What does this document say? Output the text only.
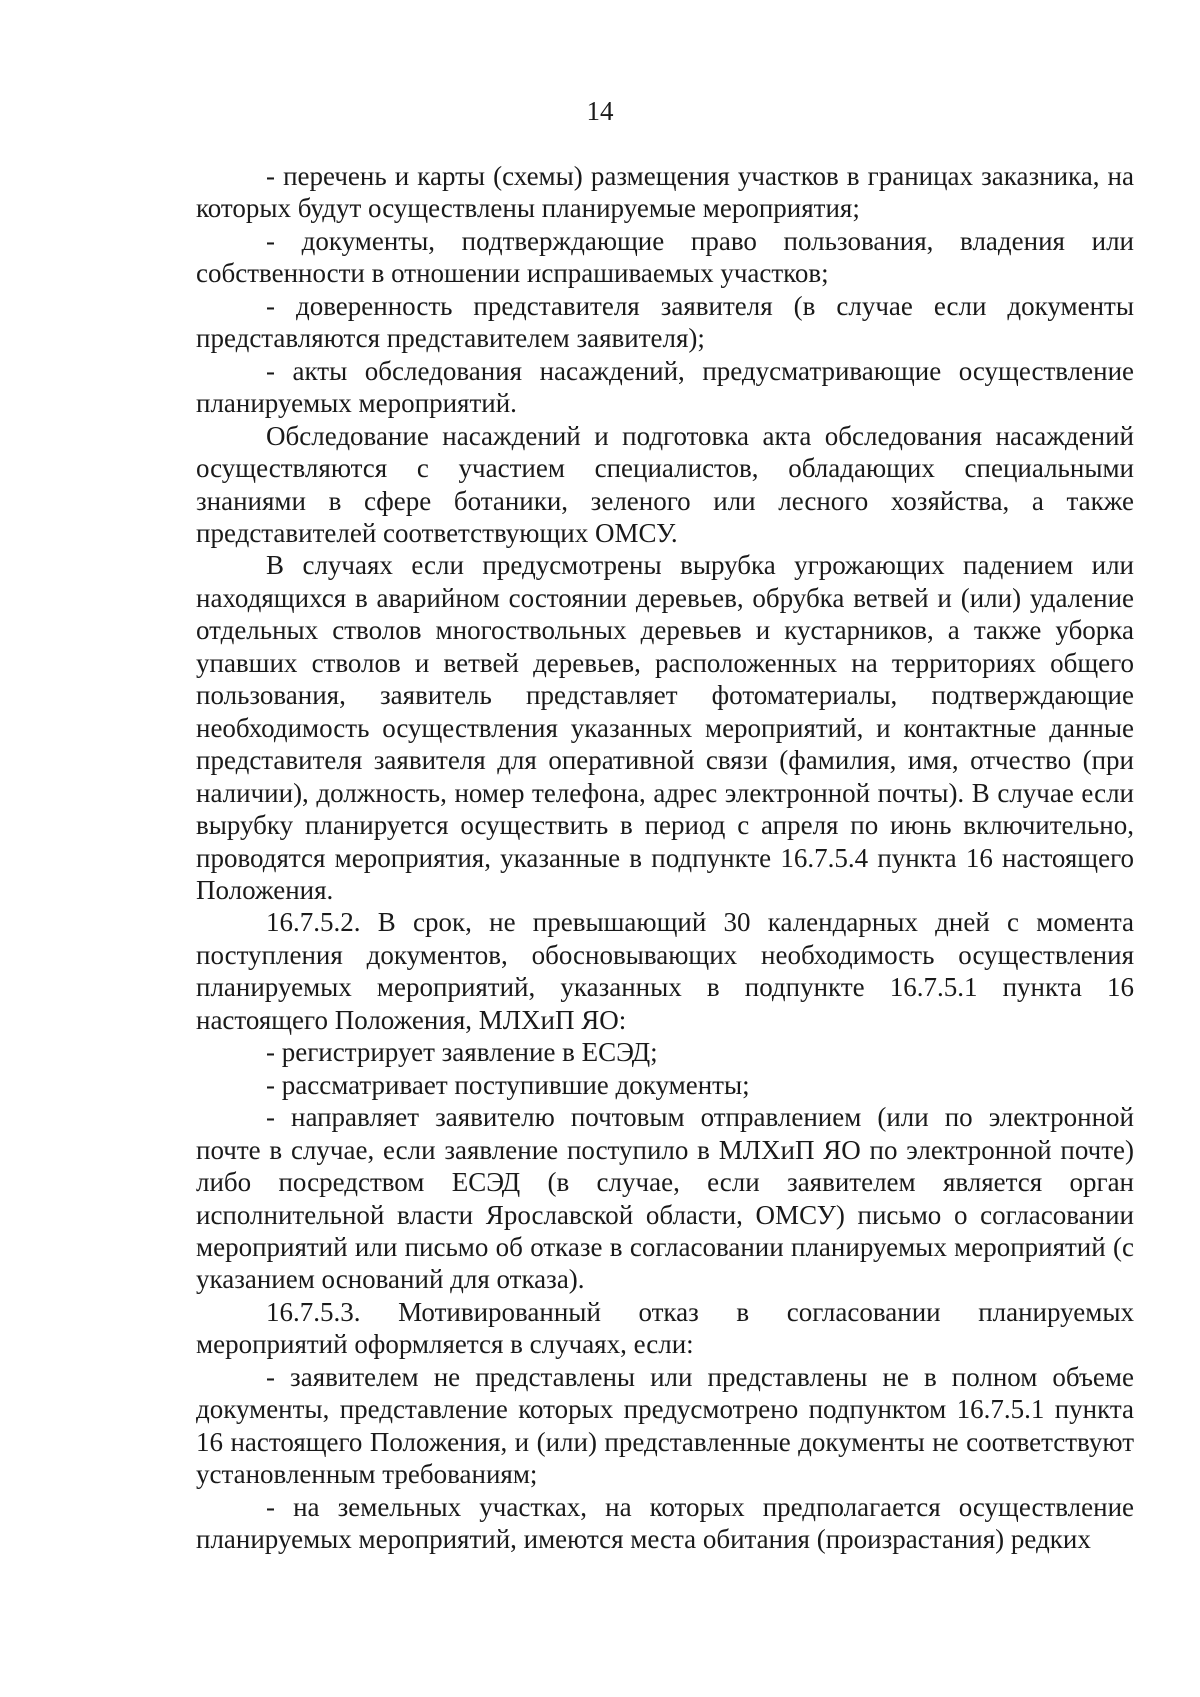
14

- перечень и карты (схемы) размещения участков в границах заказника, на которых будут осуществлены планируемые мероприятия;

- документы, подтверждающие право пользования, владения или собственности в отношении испрашиваемых участков;

- доверенность представителя заявителя (в случае если документы представляются представителем заявителя);

- акты обследования насаждений, предусматривающие осуществление планируемых мероприятий.

Обследование насаждений и подготовка акта обследования насаждений осуществляются с участием специалистов, обладающих специальными знаниями в сфере ботаники, зеленого или лесного хозяйства, а также представителей соответствующих ОМСУ.

В случаях если предусмотрены вырубка угрожающих падением или находящихся в аварийном состоянии деревьев, обрубка ветвей и (или) удаление отдельных стволов многоствольных деревьев и кустарников, а также уборка упавших стволов и ветвей деревьев, расположенных на территориях общего пользования, заявитель представляет фотоматериалы, подтверждающие необходимость осуществления указанных мероприятий, и контактные данные представителя заявителя для оперативной связи (фамилия, имя, отчество (при наличии), должность, номер телефона, адрес электронной почты). В случае если вырубку планируется осуществить в период с апреля по июнь включительно, проводятся мероприятия, указанные в подпункте 16.7.5.4 пункта 16 настоящего Положения.

16.7.5.2. В срок, не превышающий 30 календарных дней с момента поступления документов, обосновывающих необходимость осуществления планируемых мероприятий, указанных в подпункте 16.7.5.1 пункта 16 настоящего Положения, МЛХиП ЯО:

- регистрирует заявление в ЕСЭД;

- рассматривает поступившие документы;

- направляет заявителю почтовым отправлением (или по электронной почте в случае, если заявление поступило в МЛХиП ЯО по электронной почте) либо посредством ЕСЭД (в случае, если заявителем является орган исполнительной власти Ярославской области, ОМСУ) письмо о согласовании мероприятий или письмо об отказе в согласовании планируемых мероприятий (с указанием оснований для отказа).

16.7.5.3. Мотивированный отказ в согласовании планируемых мероприятий оформляется в случаях, если:

- заявителем не представлены или представлены не в полном объеме документы, представление которых предусмотрено подпунктом 16.7.5.1 пункта 16 настоящего Положения, и (или) представленные документы не соответствуют установленным требованиям;

- на земельных участках, на которых предполагается осуществление планируемых мероприятий, имеются места обитания (произрастания) редких
